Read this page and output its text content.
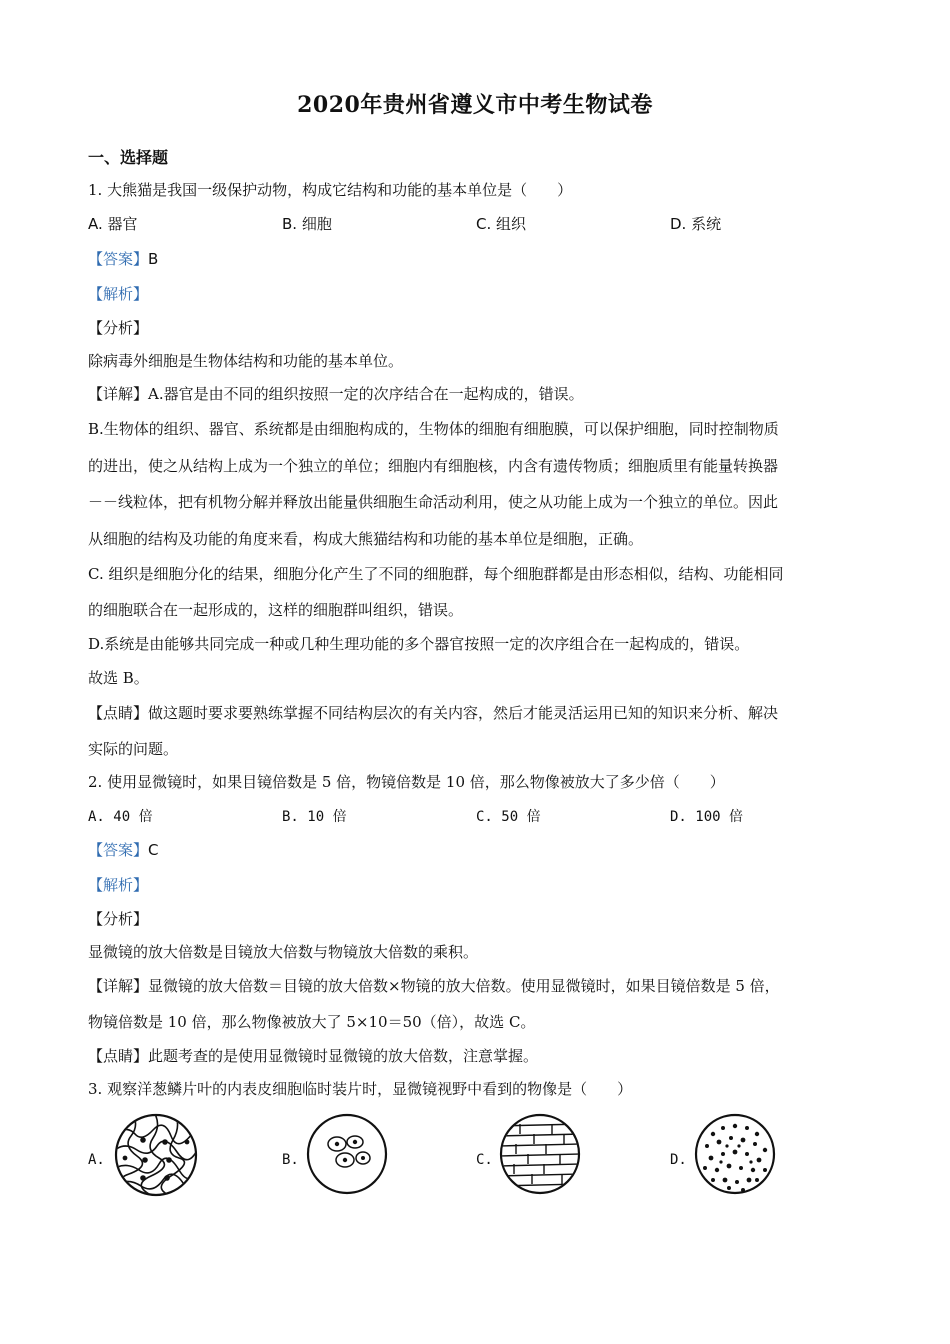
2020年贵州省遵义市中考生物试卷
一、选择题
1. 大熊猫是我国一级保护动物，构成它结构和功能的基本单位是（　　）
A. 器官	B. 细胞	C. 组织	D. 系统
【答案】B
【解析】
【分析】
除病毒外细胞是生物体结构和功能的基本单位。
【详解】A.器官是由不同的组织按照一定的次序结合在一起构成的，错误。
B.生物体的组织、器官、系统都是由细胞构成的，生物体的细胞有细胞膜，可以保护细胞，同时控制物质
的进出，使之从结构上成为一个独立的单位；细胞内有细胞核，内含有遗传物质；细胞质里有能量转换器
－－线粒体，把有机物分解并释放出能量供细胞生命活动利用，使之从功能上成为一个独立的单位。因此
从细胞的结构及功能的角度来看，构成大熊猫结构和功能的基本单位是细胞，正确。
C. 组织是细胞分化的结果，细胞分化产生了不同的细胞群，每个细胞群都是由形态相似，结构、功能相同
的细胞联合在一起形成的，这样的细胞群叫组织，错误。
D.系统是由能够共同完成一种或几种生理功能的多个器官按照一定的次序组合在一起构成的，错误。
故选 B。
【点睛】做这题时要求要熟练掌握不同结构层次的有关内容，然后才能灵活运用已知的知识来分析、解决
实际的问题。
2. 使用显微镜时，如果目镜倍数是 5 倍，物镜倍数是 10 倍，那么物像被放大了多少倍（　　）
A. 40 倍	B. 10 倍	C. 50 倍	D. 100 倍
【答案】C
【解析】
【分析】
显微镜的放大倍数是目镜放大倍数与物镜放大倍数的乘积。
【详解】显微镜的放大倍数＝目镜的放大倍数×物镜的放大倍数。使用显微镜时，如果目镜倍数是 5 倍，
物镜倍数是 10 倍，那么物像被放大了 5×10＝50（倍），故选 C。
【点睛】此题考查的是使用显微镜时显微镜的放大倍数，注意掌握。
3. 观察洋葱鳞片叶的内表皮细胞临时装片时，显微镜视野中看到的物像是（　　）
A.	B.	C.	D.
